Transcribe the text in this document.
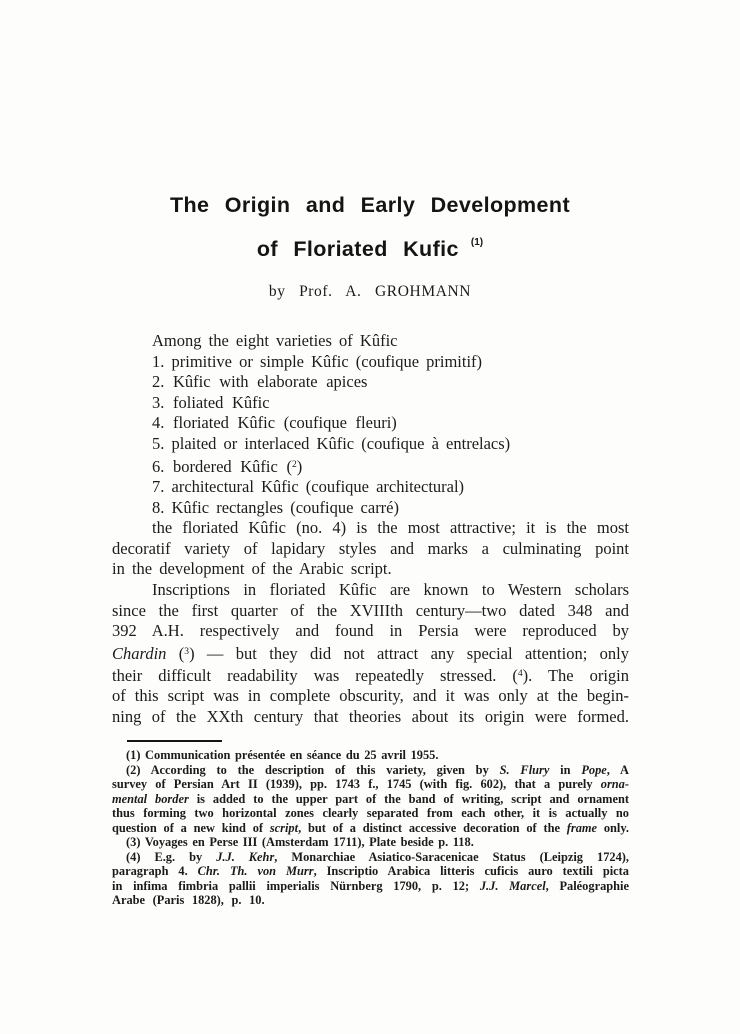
The Origin and Early Development
of Floriated Kufic $^{(1)}$
by Prof. A. GROHMANN
Among the eight varieties of Kûfic
1. primitive or simple Kûfic (coufique primitif)
2. Kûfic with elaborate apices
3. foliated Kûfic
4. floriated Kûfic (coufique fleuri)
5. plaited or interlaced Kûfic (coufique à entrelacs)
6. bordered Kûfic ($^2$)
7. architectural Kûfic (coufique architectural)
8. Kûfic rectangles (coufique carré)
the floriated Kûfic (no. 4) is the most attractive; it is the most
decoratif variety of lapidary styles and marks a culminating point
in the development of the Arabic script.
Inscriptions in floriated Kûfic are known to Western scholars
since the first quarter of the XVIIIth century—two dated 348 and
392 A.H. respectively and found in Persia were reproduced by
Chardin ($^3$) — but they did not attract any special attention; only
their difficult readability was repeatedly stressed. ($^4$). The origin
of this script was in complete obscurity, and it was only at the begin-
ning of the XXth century that theories about its origin were formed.
(1) Communication présentée en séance du 25 avril 1955.
(2) According to the description of this variety, given by S. Flury in Pope, A
survey of Persian Art II (1939), pp. 1743 f., 1745 (with fig. 602), that a purely orna-
mental border is added to the upper part of the band of writing, script and ornament
thus forming two horizontal zones clearly separated from each other, it is actually no
question of a new kind of script, but of a distinct accessive decoration of the frame only.
(3) Voyages en Perse III (Amsterdam 1711), Plate beside p. 118.
(4) E.g. by J.J. Kehr, Monarchiae Asiatico-Saracenicae Status (Leipzig 1724),
paragraph 4. Chr. Th. von Murr, Inscriptio Arabica litteris cuficis auro textili picta
in infima fimbria pallii imperialis Nürnberg 1790, p. 12; J.J. Marcel, Paléographie
Arabe (Paris 1828), p. 10.
